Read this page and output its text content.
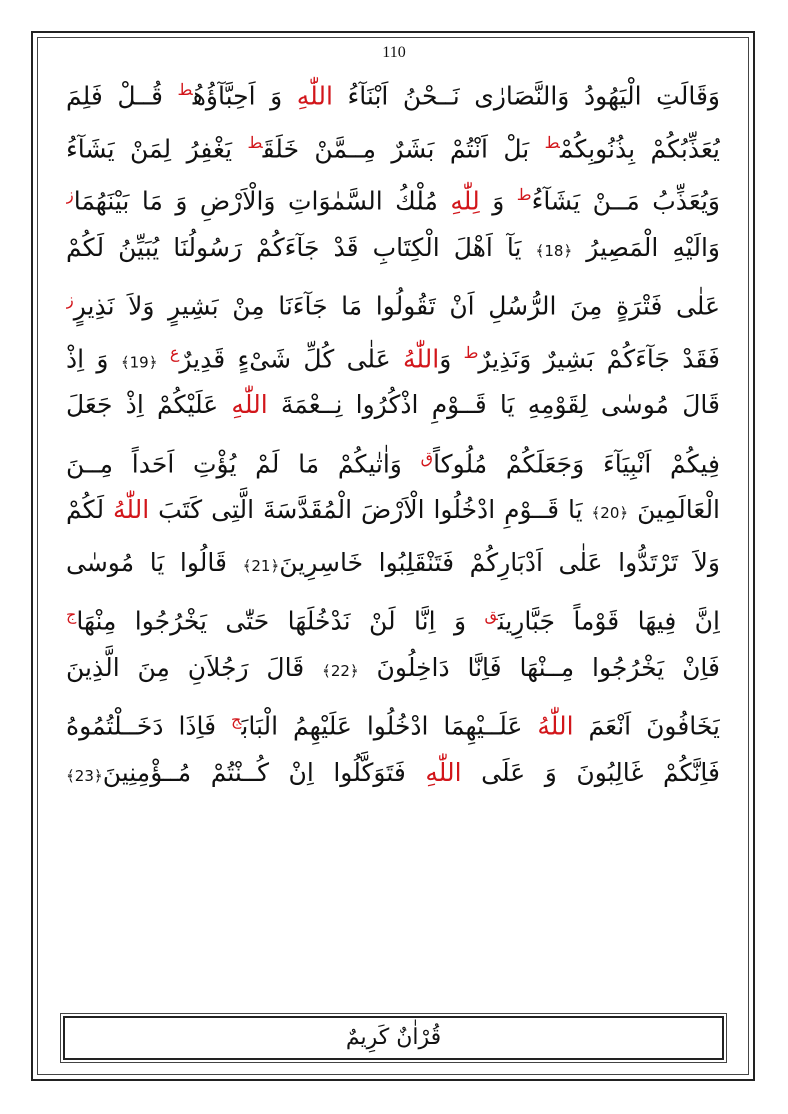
110
وَقَالَتِ الْيَهُودُ وَالنَّصَارٰى نَــحْنُ اَبْنَآءُ اللّٰهِ وَ اَحِبَّآؤُهُ$^ط$ قُــلْ فَلِمَ
يُعَذِّبُكُمْ بِذُنُوبِكُمْ$^ط$ بَلْ اَنْتُمْ بَشَرٌ مِــمَّنْ خَلَقَ$^ط$ يَغْفِرُ لِمَنْ يَشَآءُ
وَيُعَذِّبُ مَــنْ يَشَآءُ$^ط$ وَ لِلّٰهِ مُلْكُ السَّمٰوَاتِ وَالْاَرْضِ وَ مَا بَيْنَهُمَا$^ز$
وَالَيْهِ الْمَصِيرُ ﴿18﴾ يَآ اَهْلَ الْكِتَابِ قَدْ جَآءَكُمْ رَسُولُنَا يُبَيِّنُ لَكُمْ
عَلٰى فَتْرَةٍ مِنَ الرُّسُلِ اَنْ تَقُولُوا مَا جَآءَنَا مِنْ بَشِيرٍ وَلاَ نَذِيرٍ$^ز$
فَقَدْ جَآءَكُمْ بَشِيرٌ وَنَذِيرٌ$^ط$ وَاللّٰهُ عَلٰى كُلِّ شَیْءٍ قَدِيرٌ$^ع$ ﴿19﴾ وَ اِذْ
قَالَ مُوسٰى لِقَوْمِهِ يَا قَــوْمِ اذْكُرُوا نِــعْمَةَ اللّٰهِ عَلَيْكُمْ اِذْ جَعَلَ
فِيكُمْ اَنْبِيَآءَ وَجَعَلَكُمْ مُلُوكاً$^ق$ وَاٰتٰيكُمْ مَا لَمْ يُؤْتِ اَحَداً مِــنَ
الْعَالَمِينَ ﴿20﴾ يَا قَــوْمِ ادْخُلُوا الْاَرْضَ الْمُقَدَّسَةَ الَّتِى كَتَبَ اللّٰهُ لَكُمْ
وَلاَ تَرْتَدُّوا عَلٰى اَدْبَارِكُمْ فَتَنْقَلِبُوا خَاسِرِينَ﴿21﴾ قَالُوا يَا مُوسٰى
اِنَّ فِيهَا قَوْماً جَبَّارِينَ$^ق$ وَ اِنَّا لَنْ نَدْخُلَهَا حَتّٰى يَخْرُجُوا مِنْهَا$^ج$
فَاِنْ يَخْرُجُوا مِــنْهَا فَاِنَّا دَاخِلُونَ ﴿22﴾ قَالَ رَجُلاَنِ مِنَ الَّذِينَ
يَخَافُونَ اَنْعَمَ اللّٰهُ عَلَــيْهِمَا ادْخُلُوا عَلَيْهِمُ الْبَابَ$^ج$ فَاِذَا دَخَــلْتُمُوهُ
فَاِنَّكُمْ غَالِبُونَ وَ عَلَى اللّٰهِ فَتَوَكَّلُوا اِنْ كُــنْتُمْ مُــؤْمِنِينَ﴿23﴾
قُرْاٰنٌ كَرِيمٌ
